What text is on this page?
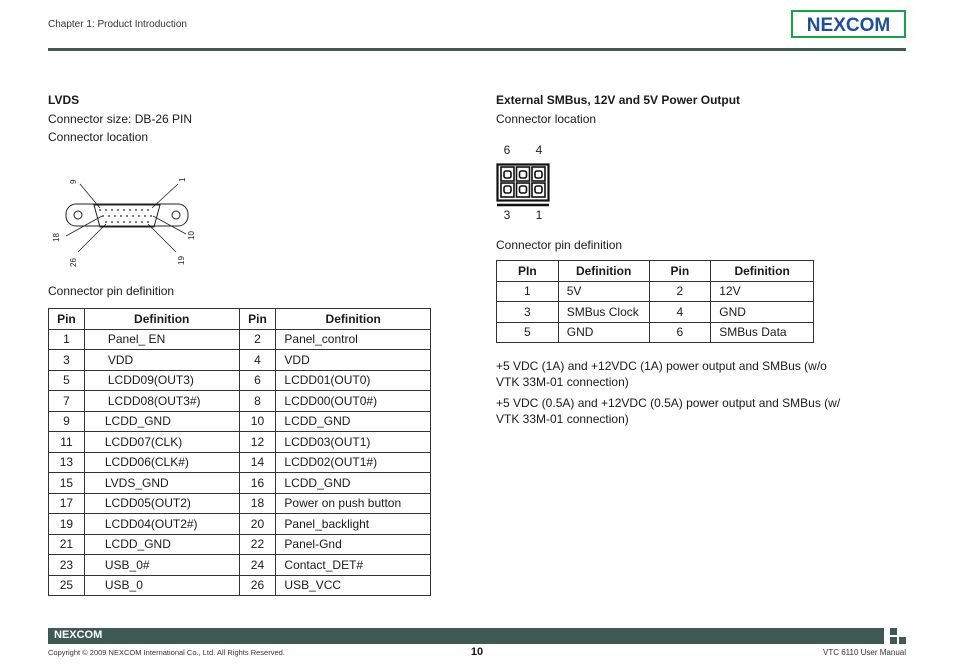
Chapter 1: Product Introduction	NEXCOM
LVDS
Connector size: DB-26 PIN
Connector location
9	1
18	10
26	19
Connector pin definition
Pin	Definition	Pin	Definition
1	Panel_ EN	2	Panel_control
3	VDD	4	VDD
5	LCDD09(OUT3)	6	LCDD01(OUT0)
7	LCDD08(OUT3#)	8	LCDD00(OUT0#)
9	LCDD_GND	10	LCDD_GND
11	LCDD07(CLK)	12	LCDD03(OUT1)
13	LCDD06(CLK#)	14	LCDD02(OUT1#)
15	LVDS_GND	16	LCDD_GND
17	LCDD05(OUT2)	18	Power on push button
19	LCDD04(OUT2#)	20	Panel_backlight
21	LCDD_GND	22	Panel-Gnd
23	USB_0#	24	Contact_DET#
25	USB_0	26	USB_VCC
External SMBus, 12V and 5V Power Output
Connector location
6 4
3 1
Connector pin definition
PIn	Definition	Pin	Definition
1	5V	2	12V
3	SMBus Clock	4	GND
5	GND	6	SMBus Data
+5 VDC (1A) and +12VDC (1A) power output and SMBus (w/o VTK 33M-01 connection)
+5 VDC (0.5A) and +12VDC (0.5A) power output and SMBus (w/ VTK 33M-01 connection)
NEXCOM
Copyright © 2009 NEXCOM International Co., Ltd. All Rights Reserved.	10	VTC 6110 User Manual
